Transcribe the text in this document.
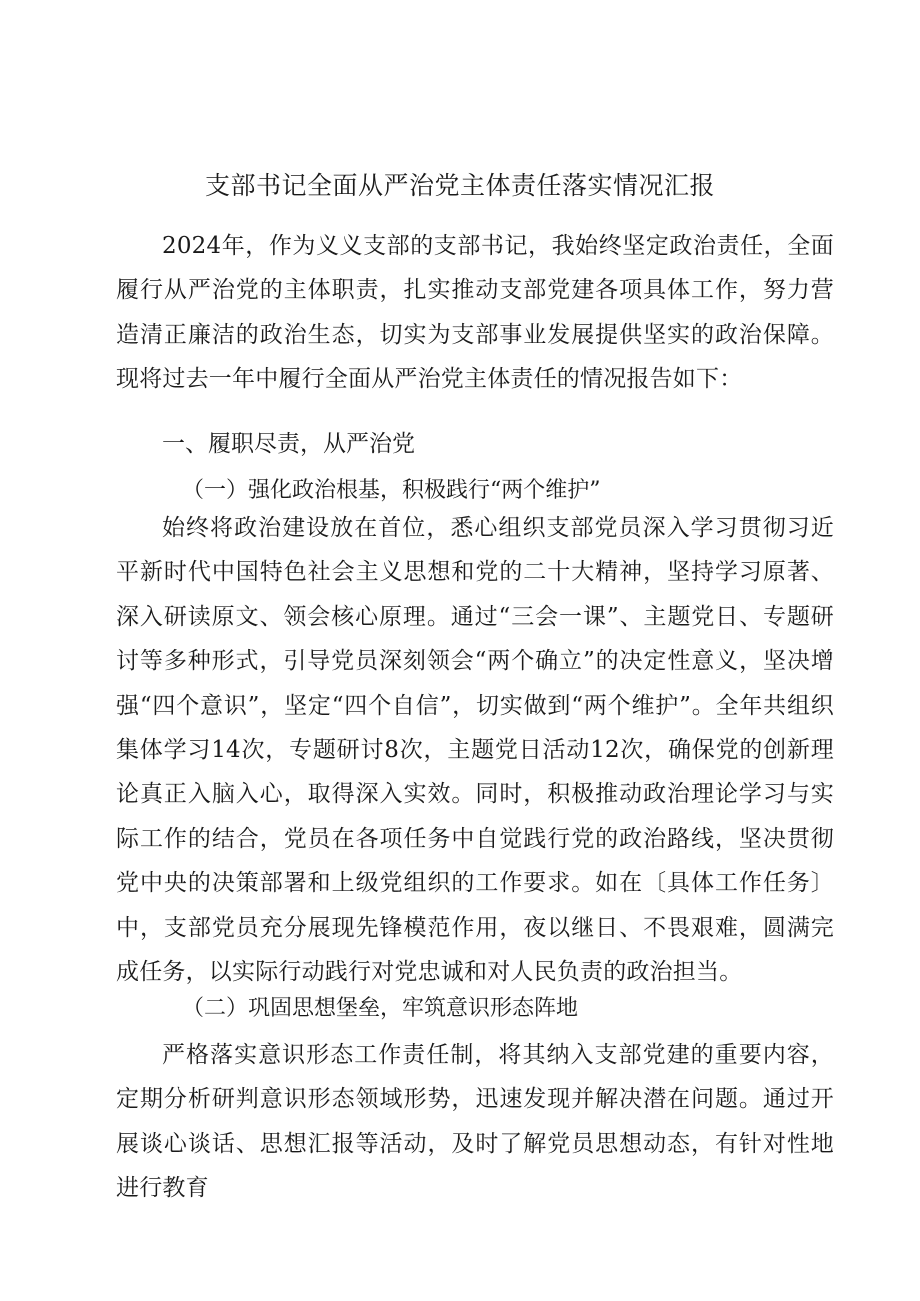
支部书记全面从严治党主体责任落实情况汇报

2024年，作为义义支部的支部书记，我始终坚定政治责任，全面履行从严治党的主体职责，扎实推动支部党建各项具体工作，努力营造清正廉洁的政治生态，切实为支部事业发展提供坚实的政治保障。现将过去一年中履行全面从严治党主体责任的情况报告如下：

一、履职尽责，从严治党
（一）强化政治根基，积极践行“两个维护”

始终将政治建设放在首位，悉心组织支部党员深入学习贯彻习近平新时代中国特色社会主义思想和党的二十大精神，坚持学习原著、深入研读原文、领会核心原理。通过“三会一课”、主题党日、专题研讨等多种形式，引导党员深刻领会“两个确立”的决定性意义，坚决增强“四个意识”，坚定“四个自信”，切实做到“两个维护”。全年共组织集体学习14次，专题研讨8次，主题党日活动12次，确保党的创新理论真正入脑入心，取得深入实效。同时，积极推动政治理论学习与实际工作的结合，党员在各项任务中自觉践行党的政治路线，坚决贯彻党中央的决策部署和上级党组织的工作要求。如在〔具体工作任务〕中，支部党员充分展现先锋模范作用，夜以继日、不畏艰难，圆满完成任务，以实际行动践行对党忠诚和对人民负责的政治担当。

（二）巩固思想堡垒，牢筑意识形态阵地

严格落实意识形态工作责任制，将其纳入支部党建的重要内容，定期分析研判意识形态领域形势，迅速发现并解决潜在问题。通过开展谈心谈话、思想汇报等活动，及时了解党员思想动态，有针对性地进行教育
